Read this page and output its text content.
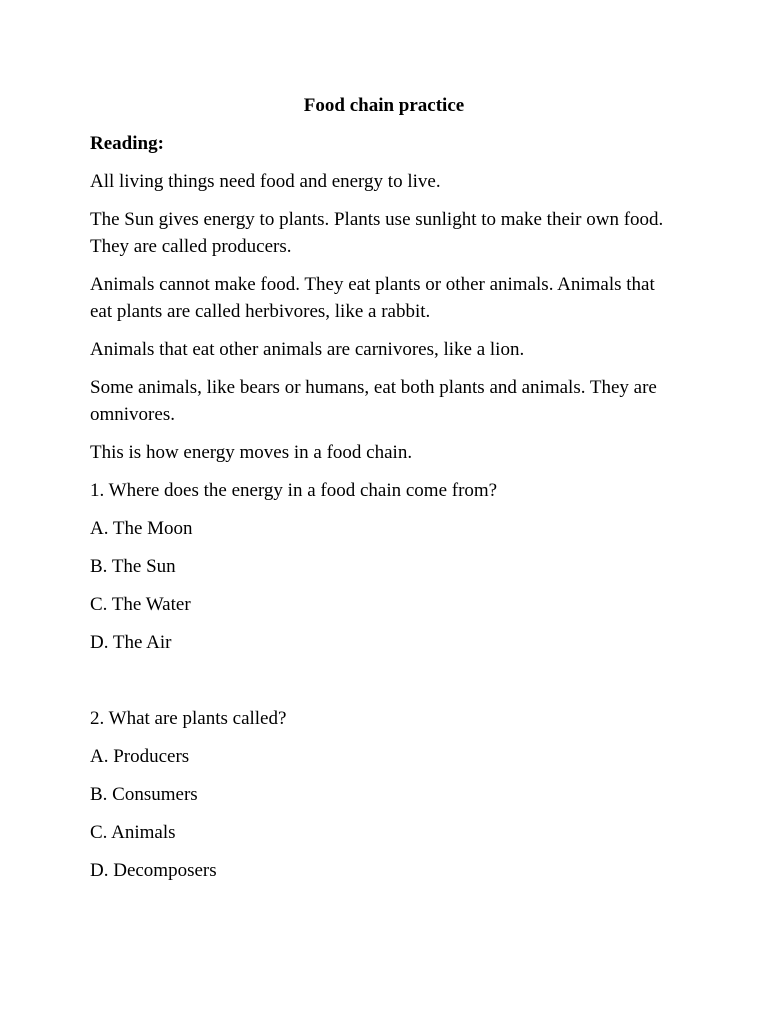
Food chain practice
Reading:

All living things need food and energy to live.

The Sun gives energy to plants. Plants use sunlight to make their own food. They are called producers.

Animals cannot make food. They eat plants or other animals. Animals that eat plants are called herbivores, like a rabbit.

Animals that eat other animals are carnivores, like a lion.

Some animals, like bears or humans, eat both plants and animals. They are omnivores.

This is how energy moves in a food chain.

1. Where does the energy in a food chain come from?

A. The Moon

B. The Sun

C. The Water

D. The Air

2. What are plants called?

A. Producers

B. Consumers

C. Animals

D. Decomposers
